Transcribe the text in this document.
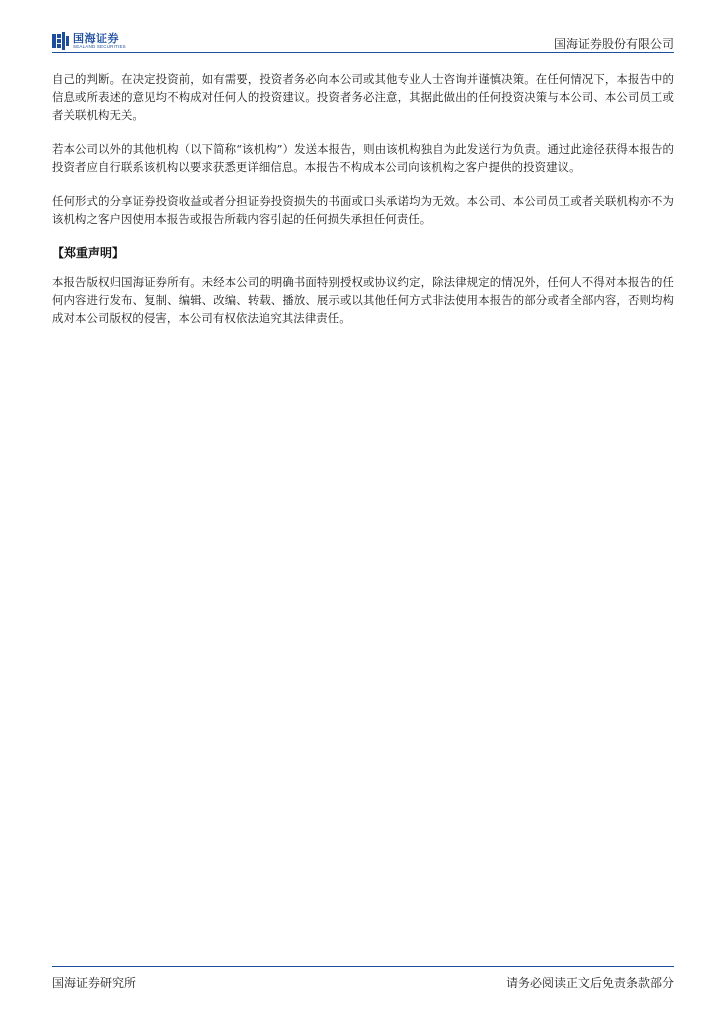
国海证券
SEALAND SECURITIES	国海证券股份有限公司

自己的判断。在决定投资前，如有需要，投资者务必向本公司或其他专业人士咨询并谨慎决策。在任何情况下，本报告中的信息或所表述的意见均不构成对任何人的投资建议。投资者务必注意，其据此做出的任何投资决策与本公司、本公司员工或者关联机构无关。

若本公司以外的其他机构（以下简称“该机构”）发送本报告，则由该机构独自为此发送行为负责。通过此途径获得本报告的投资者应自行联系该机构以要求获悉更详细信息。本报告不构成本公司向该机构之客户提供的投资建议。

任何形式的分享证券投资收益或者分担证券投资损失的书面或口头承诺均为无效。本公司、本公司员工或者关联机构亦不为该机构之客户因使用本报告或报告所载内容引起的任何损失承担任何责任。

【郑重声明】

本报告版权归国海证券所有。未经本公司的明确书面特别授权或协议约定，除法律规定的情况外，任何人不得对本报告的任何内容进行发布、复制、编辑、改编、转载、播放、展示或以其他任何方式非法使用本报告的部分或者全部内容，否则均构成对本公司版权的侵害，本公司有权依法追究其法律责任。

国海证券研究所	请务必阅读正文后免责条款部分
